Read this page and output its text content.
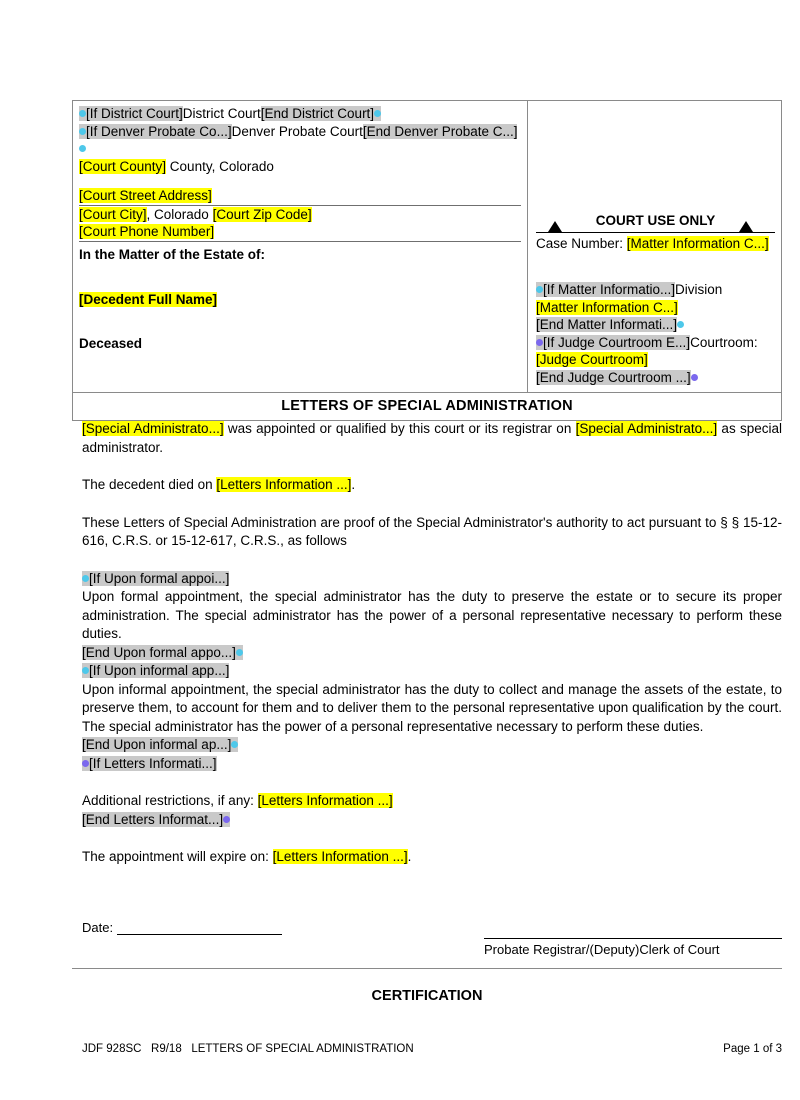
[If District Court]District Court[End District Court] [If Denver Probate Co...]Denver Probate Court[End Denver Probate C...]
[Court County] County, Colorado
[Court Street Address]
[Court City], Colorado [Court Zip Code]
[Court Phone Number]
In the Matter of the Estate of:
[Decedent Full Name]
Deceased
COURT USE ONLY
Case Number: [Matter Information C...]
[If Matter Informatio...]Division [Matter Information C...][End Matter Informati...] [If Judge Courtroom E...]Courtroom: [Judge Courtroom][End Judge Courtroom ...]
LETTERS OF SPECIAL ADMINISTRATION

[Special Administrato...] was appointed or qualified by this court or its registrar on [Special Administrato...] as special administrator.

The decedent died on [Letters Information ...].

These Letters of Special Administration are proof of the Special Administrator's authority to act pursuant to § § 15-12-616, C.R.S. or 15-12-617, C.R.S., as follows

[If Upon formal appoi...]

Upon formal appointment, the special administrator has the duty to preserve the estate or to secure its proper administration. The special administrator has the power of a personal representative necessary to perform these duties.

[End Upon formal appo...]

[If Upon informal app...]

Upon informal appointment, the special administrator has the duty to collect and manage the assets of the estate, to preserve them, to account for them and to deliver them to the personal representative upon qualification by the court. The special administrator has the power of a personal representative necessary to perform these duties.

[End Upon informal ap...]

[If Letters Informati...]

Additional restrictions, if any: [Letters Information ...]

[End Letters Informat...]

The appointment will expire on: [Letters Information ...].

Date:
Probate Registrar/(Deputy)Clerk of Court
CERTIFICATION
JDF 928SC   R9/18 LETTERS OF SPECIAL ADMINISTRATION	Page 1 of 3
